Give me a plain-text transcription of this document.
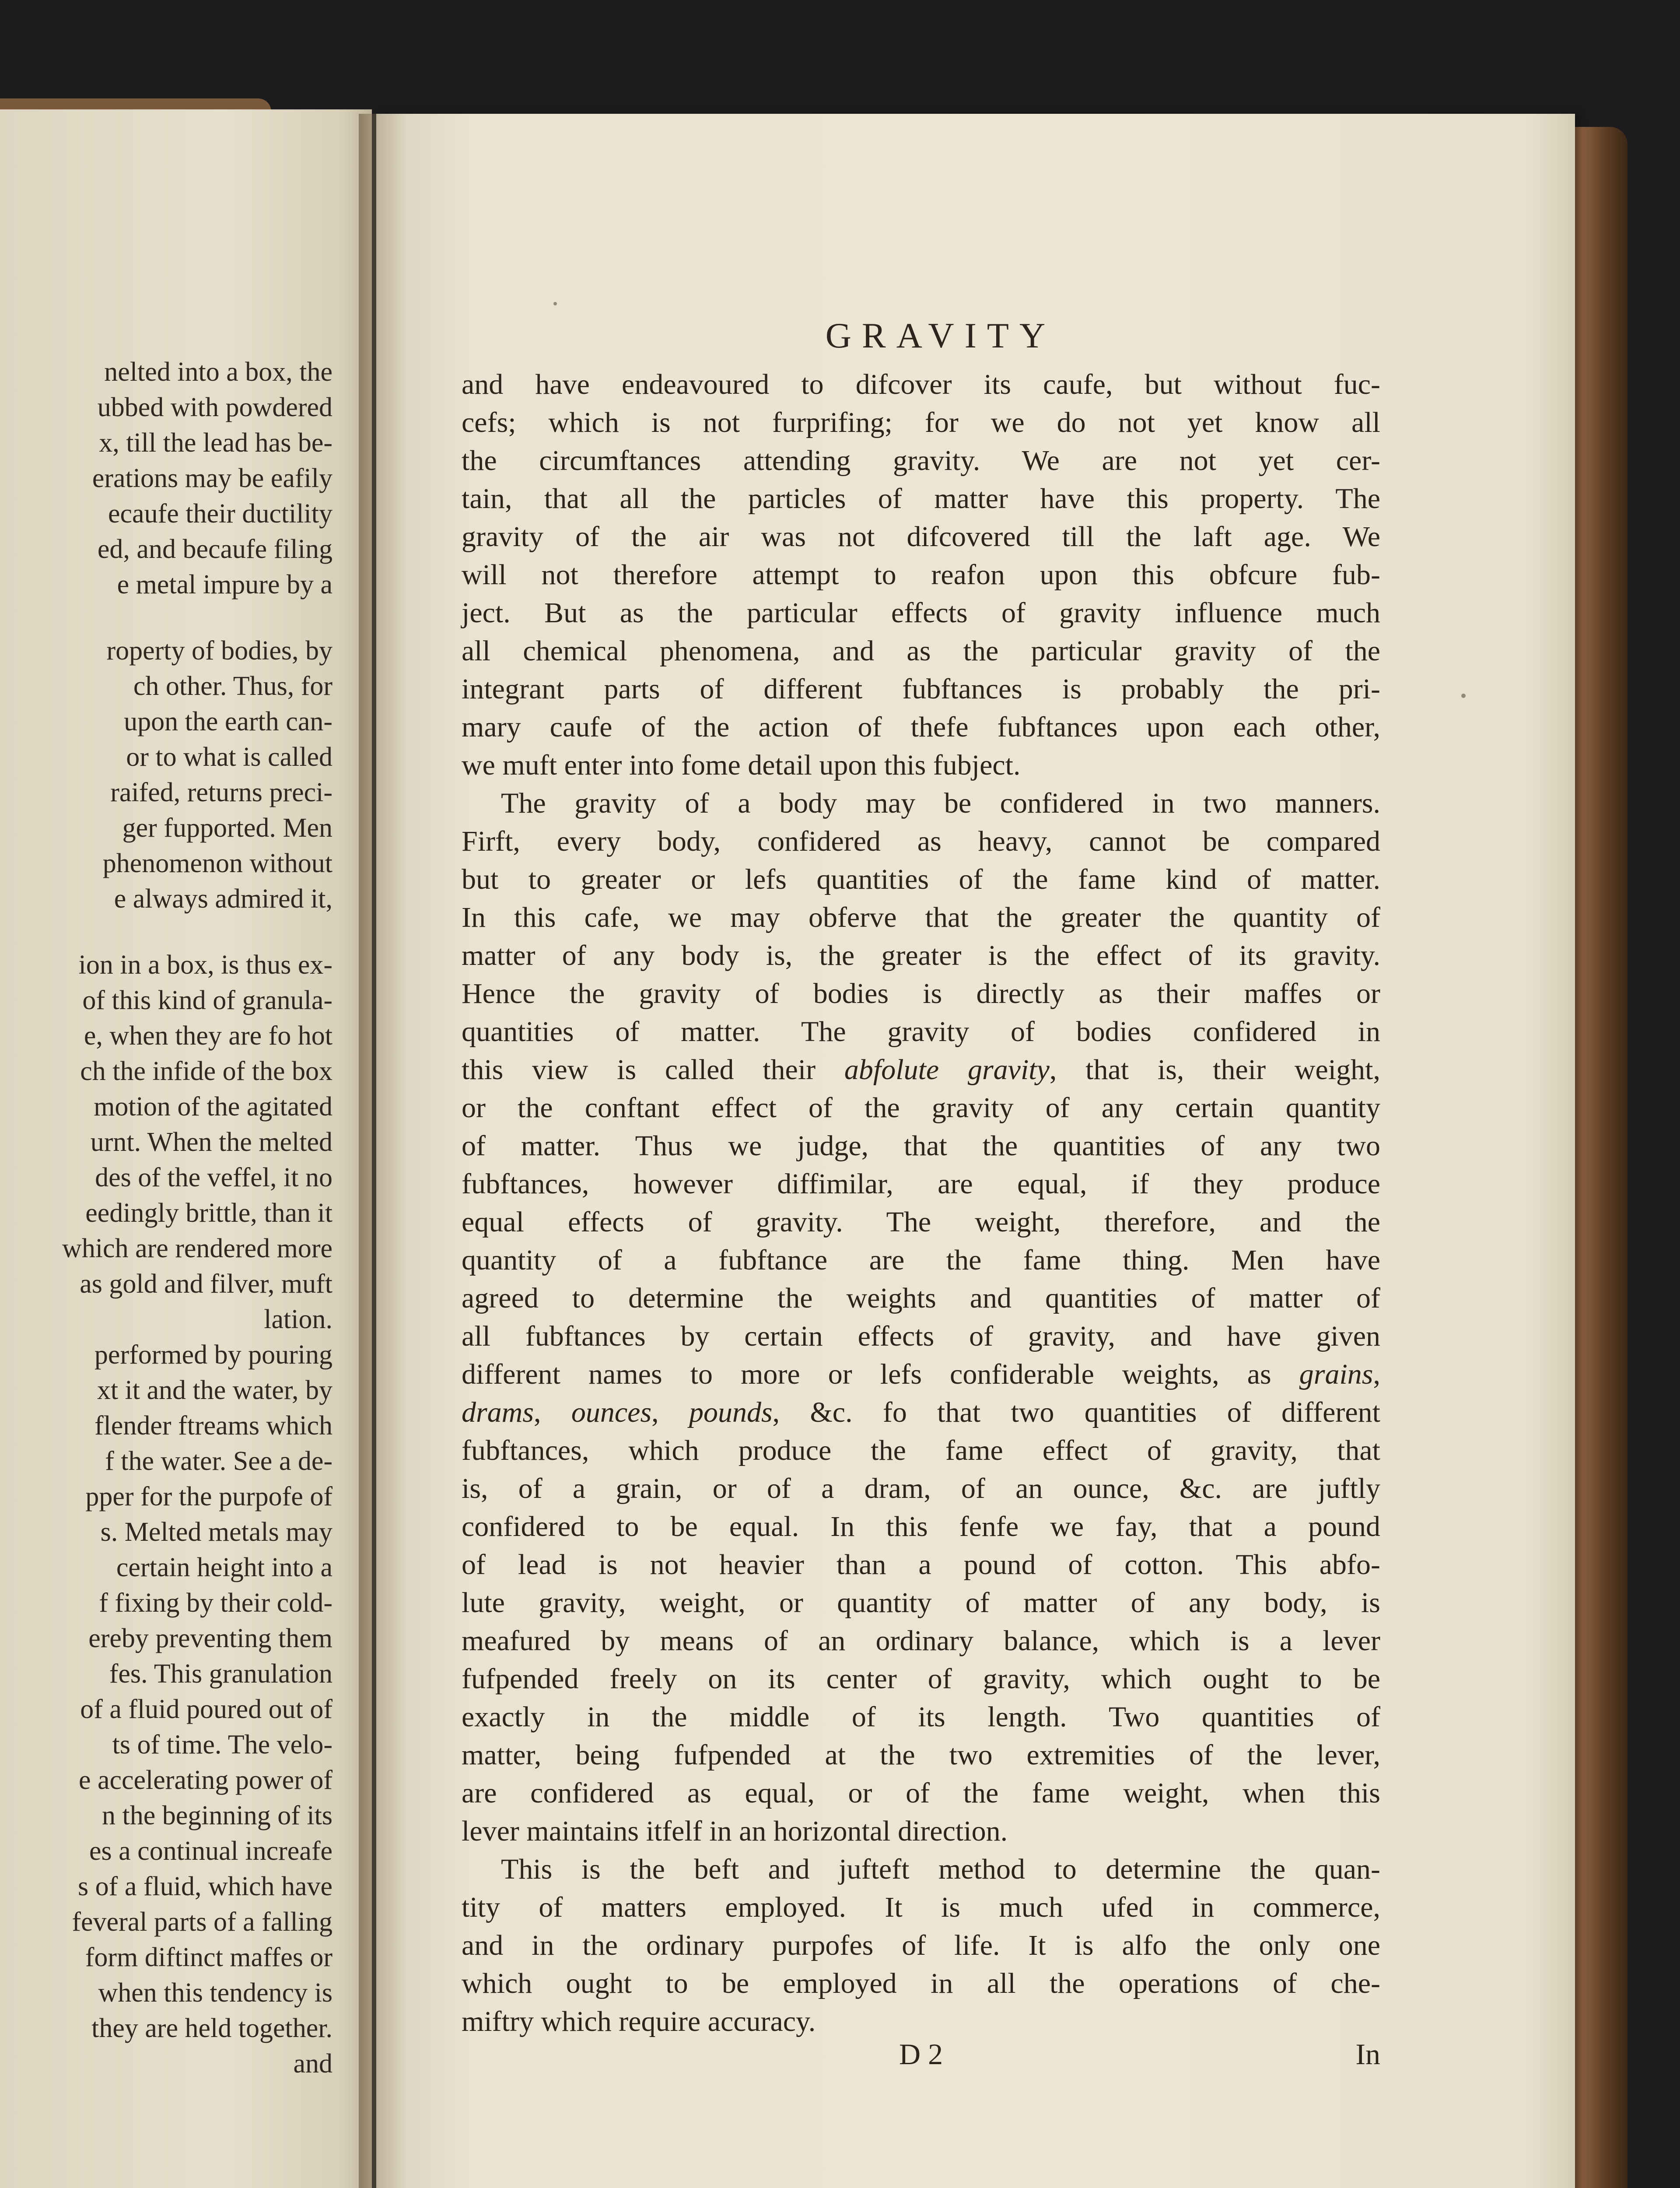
nelted into a box, the
ubbed with powdered
x, till the lead has be-
erations may be eafily
ecaufe their ductility
ed, and becaufe filing
e metal impure by a
roperty of bodies, by
ch other. Thus, for
upon the earth can-
or to what is called
raifed, returns preci-
ger fupported. Men
phenomenon without
e always admired it,
ion in a box, is thus ex-
of this kind of granula-
e, when they are fo hot
ch the infide of the box
motion of the agitated
urnt. When the melted
des of the veffel, it no
eedingly brittle, than it
which are rendered more
as gold and filver, muft
lation.
performed by pouring
xt it and the water, by
flender ftreams which
f the water. See a de-
pper for the purpofe of
s. Melted metals may
certain height into a
f fixing by their cold-
ereby preventing them
fes. This granulation
of a fluid poured out of
ts of time. The velo-
e accelerating power of
n the beginning of its
es a continual increafe
s of a fluid, which have
feveral parts of a falling
form diftinct maffes or
when this tendency is
they are held together.
and
GRAVITY
and have endeavoured to difcover its caufe, but without fuc-
cefs; which is not furprifing; for we do not yet know all
the circumftances attending gravity. We are not yet cer-
tain, that all the particles of matter have this property. The
gravity of the air was not difcovered till the laft age. We
will not therefore attempt to reafon upon this obfcure fub-
ject. But as the particular effects of gravity influence much
all chemical phenomena, and as the particular gravity of the
integrant parts of different fubftances is probably the pri-
mary caufe of the action of thefe fubftances upon each other,
we muft enter into fome detail upon this fubject.
The gravity of a body may be confidered in two manners.
Firft, every body, confidered as heavy, cannot be compared
but to greater or lefs quantities of the fame kind of matter.
In this cafe, we may obferve that the greater the quantity of
matter of any body is, the greater is the effect of its gravity.
Hence the gravity of bodies is directly as their maffes or
quantities of matter. The gravity of bodies confidered in
this view is called their abfolute gravity, that is, their weight,
or the conftant effect of the gravity of any certain quantity
of matter. Thus we judge, that the quantities of any two
fubftances, however diffimilar, are equal, if they produce
equal effects of gravity. The weight, therefore, and the
quantity of a fubftance are the fame thing. Men have
agreed to determine the weights and quantities of matter of
all fubftances by certain effects of gravity, and have given
different names to more or lefs confiderable weights, as grains,
drams, ounces, pounds, &c. fo that two quantities of different
fubftances, which produce the fame effect of gravity, that
is, of a grain, or of a dram, of an ounce, &c. are juftly
confidered to be equal. In this fenfe we fay, that a pound
of lead is not heavier than a pound of cotton. This abfo-
lute gravity, weight, or quantity of matter of any body, is
meafured by means of an ordinary balance, which is a lever
fufpended freely on its center of gravity, which ought to be
exactly in the middle of its length. Two quantities of
matter, being fufpended at the two extremities of the lever,
are confidered as equal, or of the fame weight, when this
lever maintains itfelf in an horizontal direction.
This is the beft and jufteft method to determine the quan-
tity of matters employed. It is much ufed in commerce,
and in the ordinary purpofes of life. It is alfo the only one
which ought to be employed in all the operations of che-
miftry which require accuracy.
D 2	In
